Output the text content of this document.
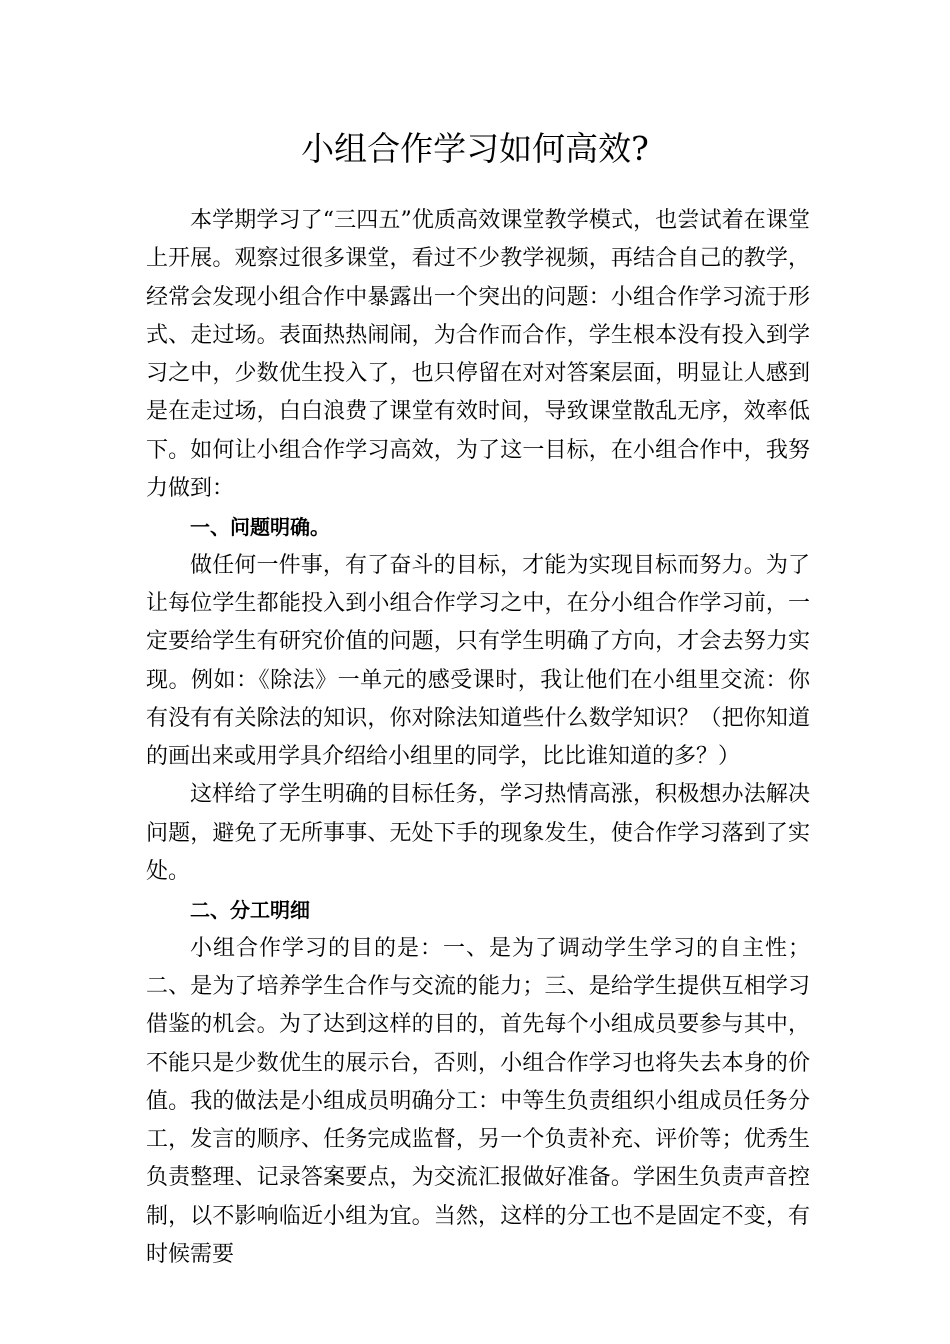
小组合作学习如何高效?

本学期学习了“三四五”优质高效课堂教学模式，也尝试着在课堂上开展。观察过很多课堂，看过不少教学视频，再结合自己的教学，经常会发现小组合作中暴露出一个突出的问题：小组合作学习流于形式、走过场。表面热热闹闹，为合作而合作，学生根本没有投入到学习之中，少数优生投入了，也只停留在对对答案层面，明显让人感到是在走过场，白白浪费了课堂有效时间，导致课堂散乱无序，效率低下。如何让小组合作学习高效，为了这一目标，在小组合作中，我努力做到：

一、问题明确。

做任何一件事，有了奋斗的目标，才能为实现目标而努力。为了让每位学生都能投入到小组合作学习之中，在分小组合作学习前，一定要给学生有研究价值的问题，只有学生明确了方向，才会去努力实现。例如：《除法》一单元的感受课时，我让他们在小组里交流：你有没有有关除法的知识，你对除法知道些什么数学知识？（把你知道的画出来或用学具介绍给小组里的同学，比比谁知道的多？）

这样给了学生明确的目标任务，学习热情高涨，积极想办法解决问题，避免了无所事事、无处下手的现象发生，使合作学习落到了实处。

二、分工明细

小组合作学习的目的是：一、是为了调动学生学习的自主性；二、是为了培养学生合作与交流的能力；三、是给学生提供互相学习借鉴的机会。为了达到这样的目的，首先每个小组成员要参与其中，不能只是少数优生的展示台，否则，小组合作学习也将失去本身的价值。我的做法是小组成员明确分工：中等生负责组织小组成员任务分工，发言的顺序、任务完成监督，另一个负责补充、评价等；优秀生负责整理、记录答案要点，为交流汇报做好准备。学困生负责声音控制，以不影响临近小组为宜。当然，这样的分工也不是固定不变，有时候需要
